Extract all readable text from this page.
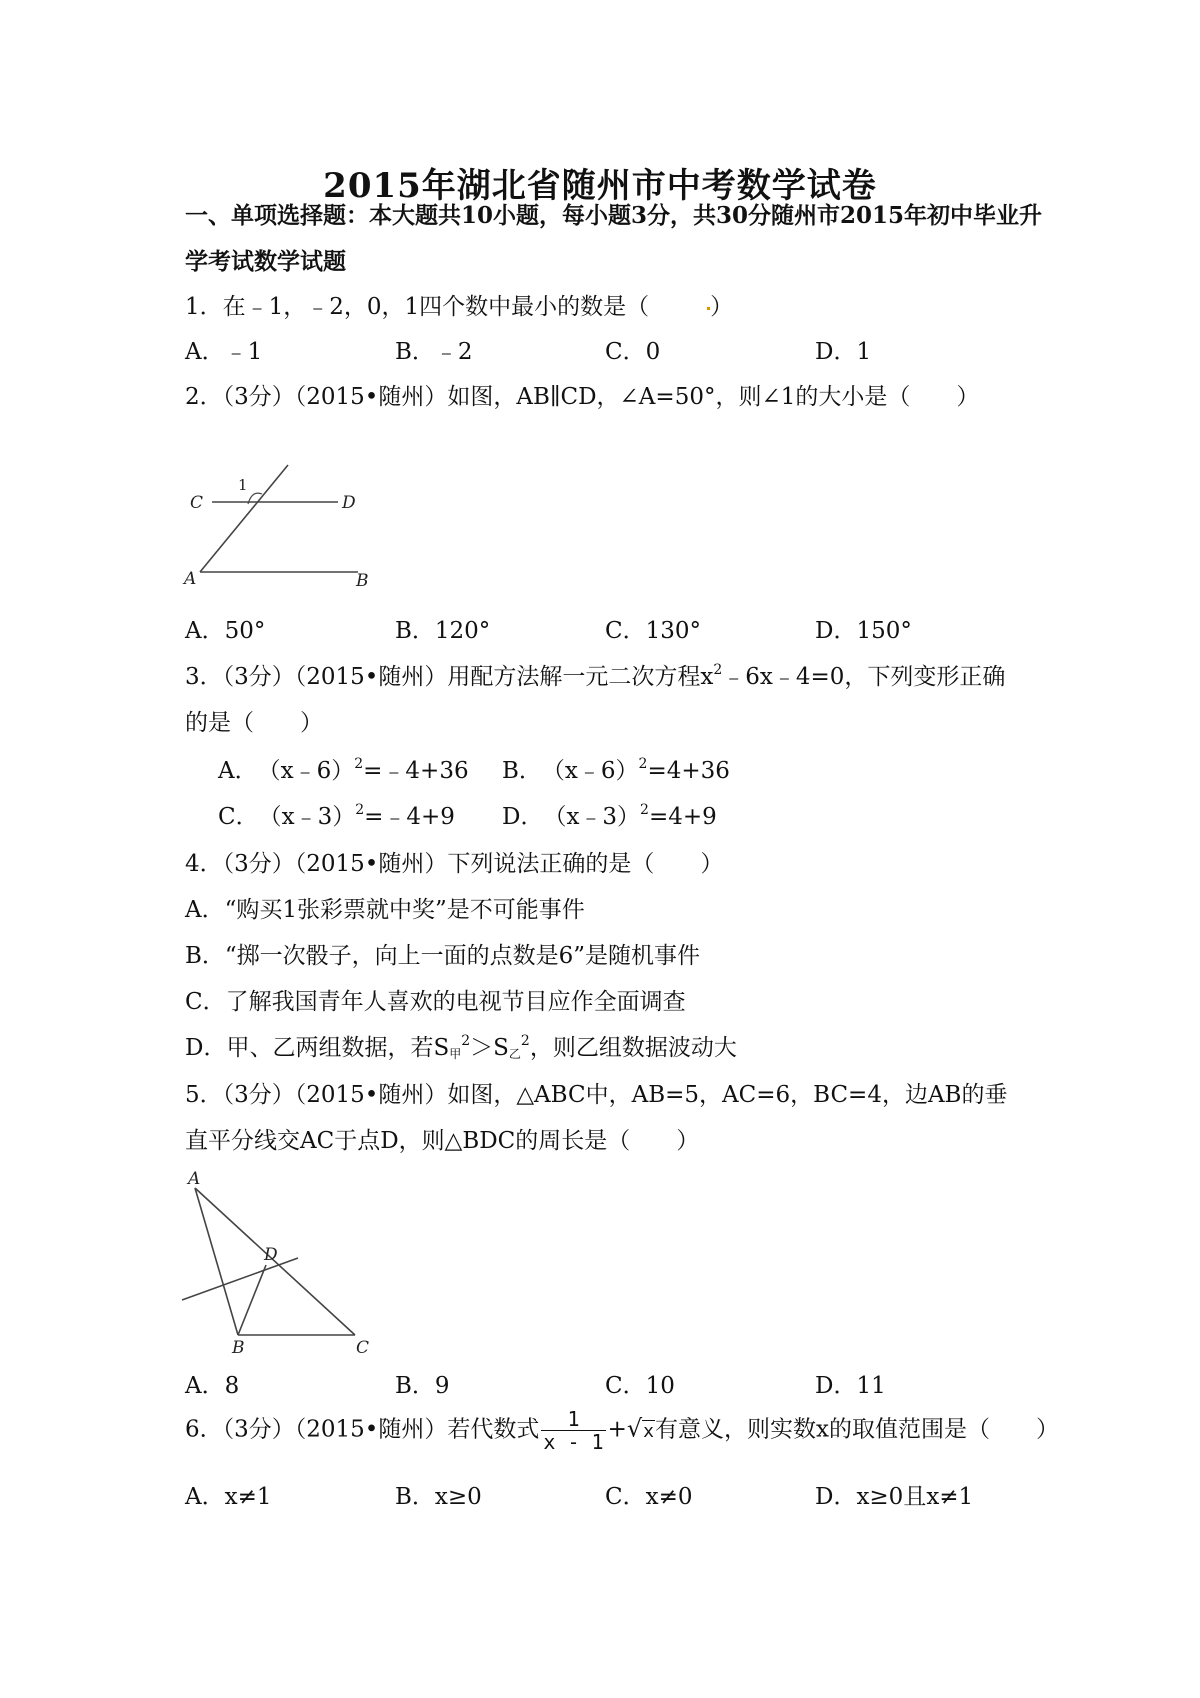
2015年湖北省随州市中考数学试卷
一、单项选择题：本大题共10小题，每小题3分，共30分随州市2015年初中毕业升学考试数学试题
1．在﹣1，﹣2，0，1四个数中最小的数是（	）
A．﹣1	B．﹣2	C．0	D．1
2．（3分）（2015•随州）如图，AB∥CD，∠A=50°，则∠1的大小是（　　）
C
1
D
A	B
A．50°	B．120°	C．130°	D．150°
3．（3分）（2015•随州）用配方法解一元二次方程$x^2﹣6x﹣4=0$，下列变形正确
的是（　　）
A．　（x﹣6）$^2$=﹣4+36 B．　（x﹣6）$^2$=4+36
C．　（x﹣3）$^2$=﹣4+9 D．　（x﹣3）$^2$=4+9
4．（3分）（2015•随州）下列说法正确的是（　　）
A．“购买1张彩票就中奖”是不可能事件
B．“掷一次骰子，向上一面的点数是6”是随机事件
C．了解我国青年人喜欢的电视节目应作全面调查
D．甲、乙两组数据，若$S_甲^2>S_乙^2$，则乙组数据波动大
5．（3分）（2015•随州）如图，△ABC中，AB=5，AC=6，BC=4，边AB的垂
直平分线交AC于点D，则△BDC的周长是（　　）
A
D
B	C
A．8	B．9	C．10	D．11
6．（3分）（2015•随州）若代数式 $\frac{1}{x - 1} +√x$有意义，则实数x的取值范围是（　　）
A．x≠1	B．x≥0	C．x≠0	D．x≥0且x≠1
